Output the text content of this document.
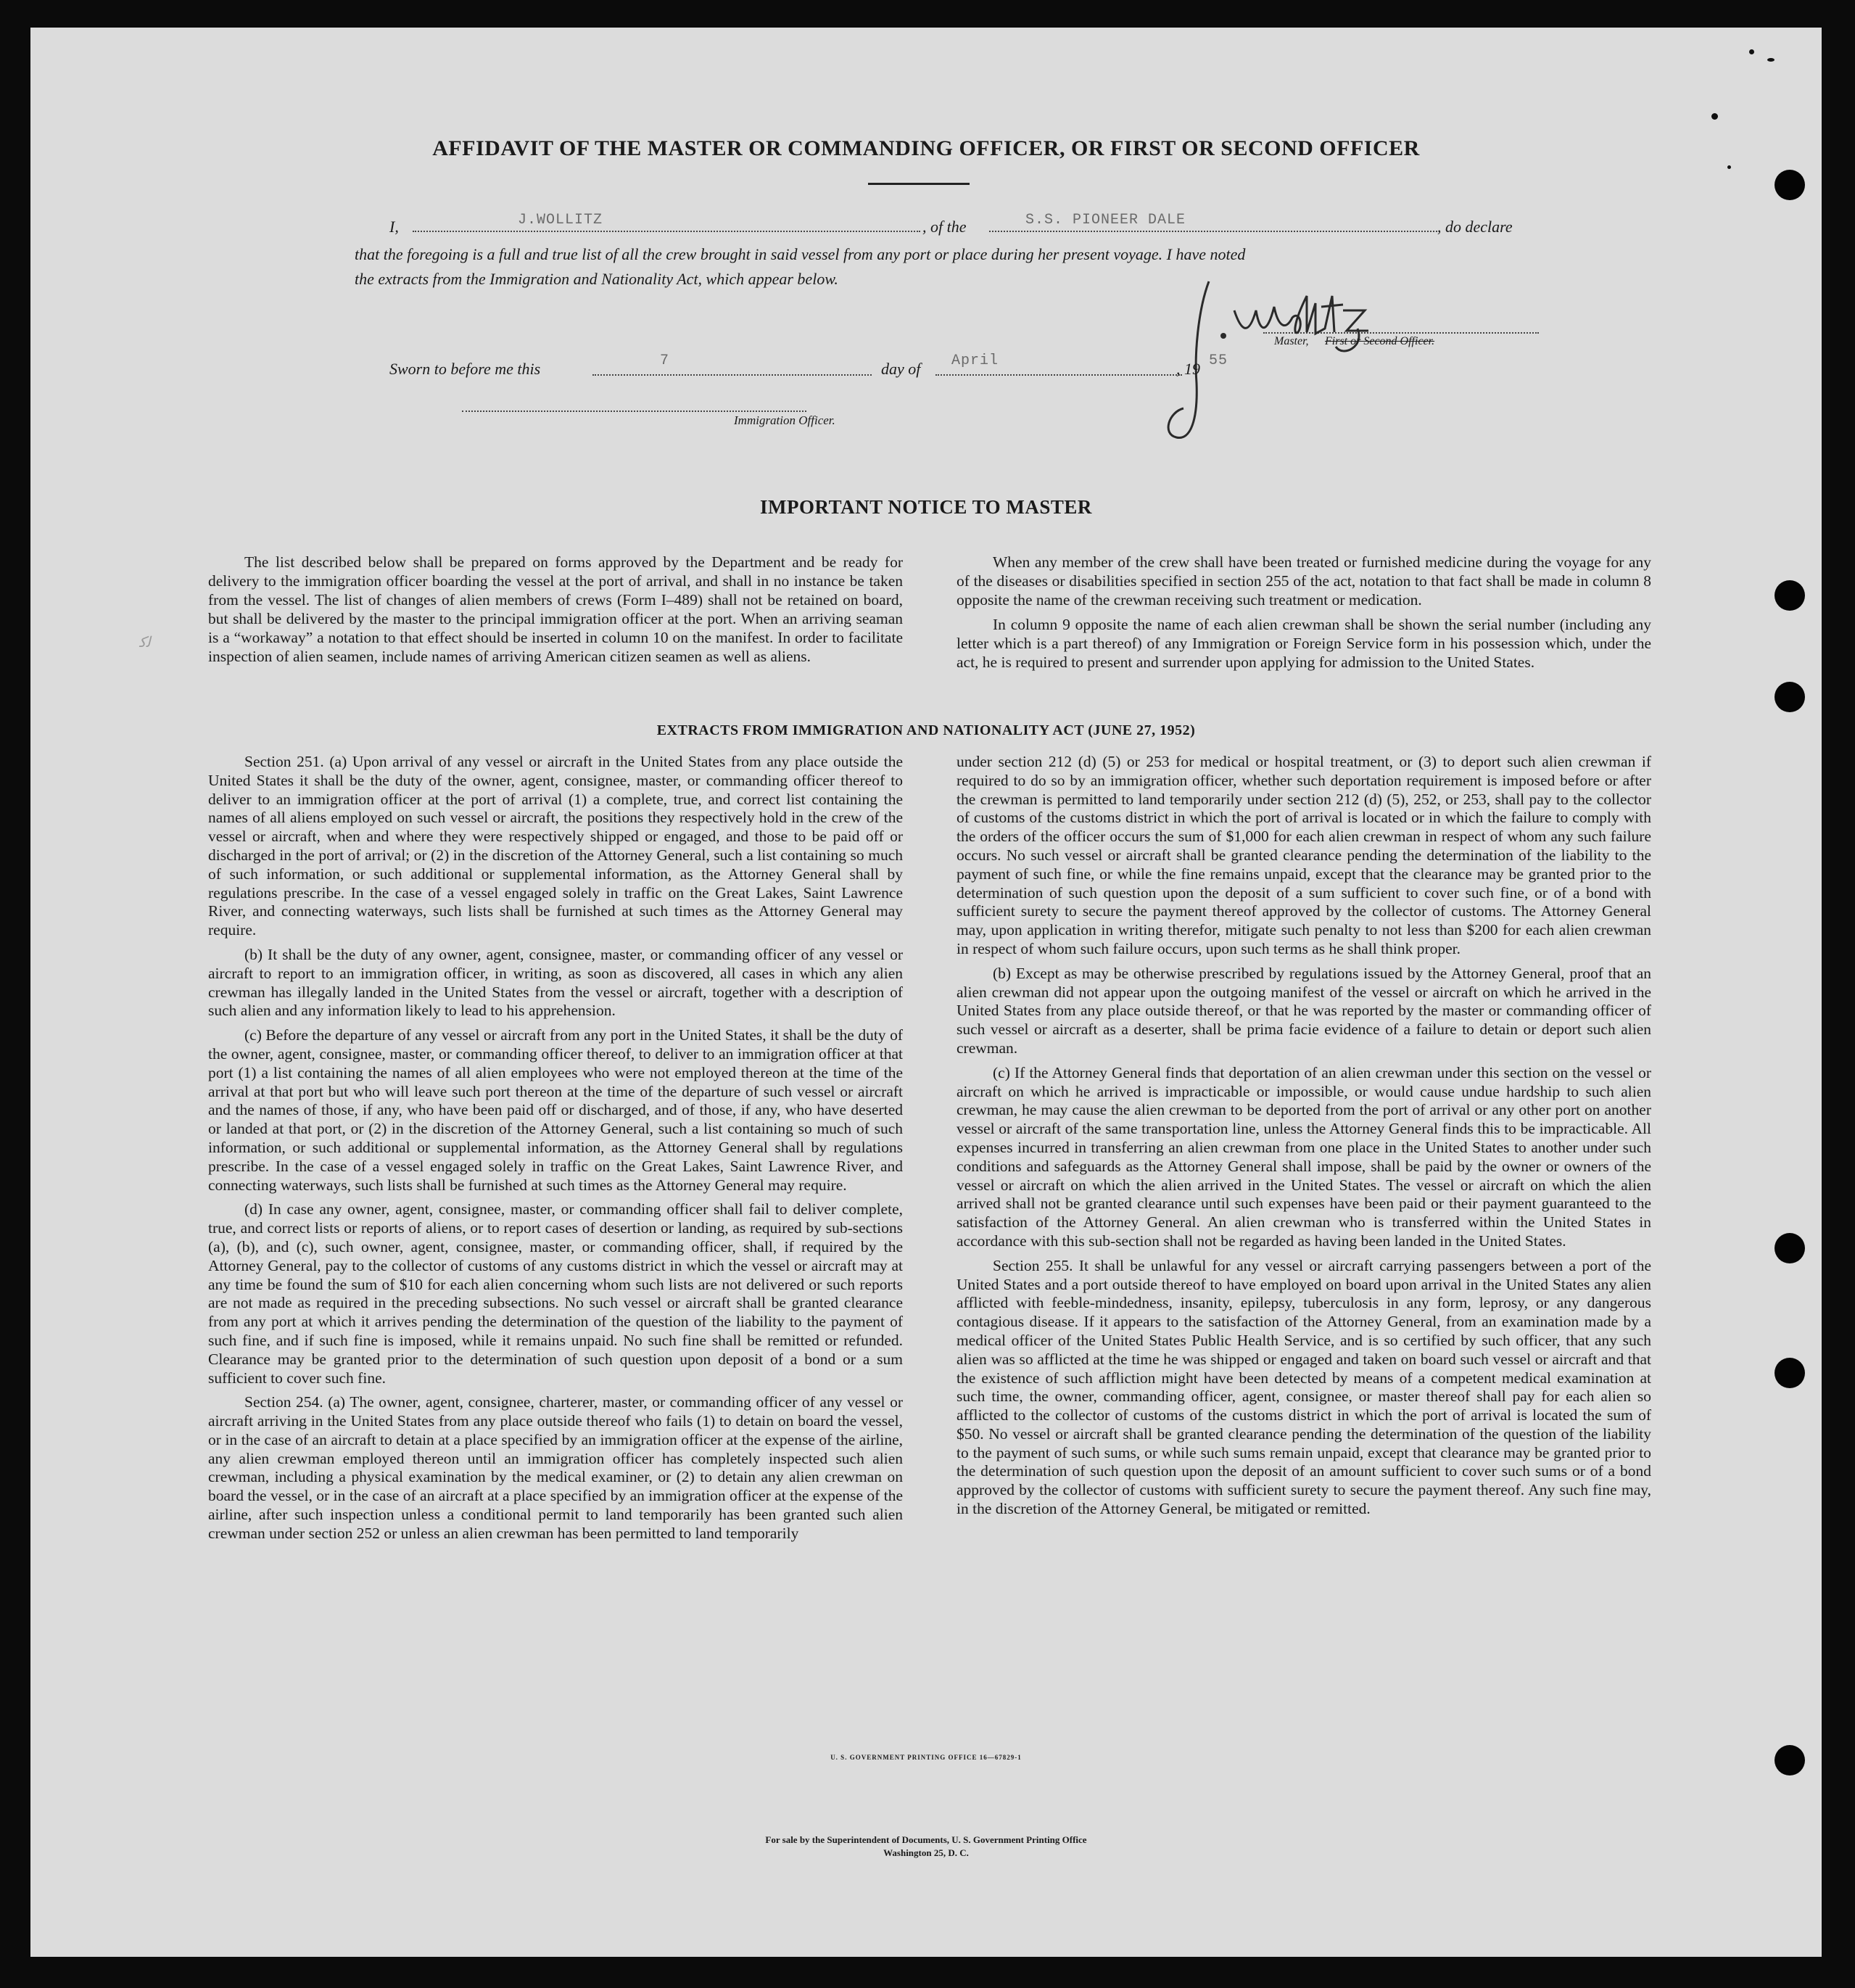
AFFIDAVIT OF THE MASTER OR COMMANDING OFFICER, OR FIRST OR SECOND OFFICER
I,	J.WOLLITZ	, of the	S.S. PIONEER DALE	, do declare
that the foregoing is a full and true list of all the crew brought in said vessel from any port or place during her present voyage. I have noted
the extracts from the Immigration and Nationality Act, which appear below.
Master, First or Second Officer.
Sworn to before me this	7	day of April	, 19 55
Immigration Officer.
IMPORTANT NOTICE TO MASTER

The list described below shall be prepared on forms approved by the Department and be ready for delivery to the immigration officer boarding the vessel at the port of arrival, and shall in no instance be taken from the vessel. The list of changes of alien members of crews (Form I–489) shall not be retained on board, but shall be delivered by the master to the principal immigration officer at the port. When an arriving seaman is a “workaway” a notation to that effect should be inserted in column 10 on the manifest. In order to facilitate inspection of alien seamen, include names of arriving American citizen seamen as well as aliens.

When any member of the crew shall have been treated or furnished medicine during the voyage for any of the diseases or disabilities specified in section 255 of the act, notation to that fact shall be made in column 8 opposite the name of the crewman receiving such treatment or medication.

In column 9 opposite the name of each alien crewman shall be shown the serial number (including any letter which is a part thereof) of any Immigration or Foreign Service form in his possession which, under the act, he is required to present and surrender upon applying for admission to the United States.

ﻟﻛ
EXTRACTS FROM IMMIGRATION AND NATIONALITY ACT (JUNE 27, 1952)

Section 251. (a) Upon arrival of any vessel or aircraft in the United States from any place outside the United States it shall be the duty of the owner, agent, consignee, master, or commanding officer thereof to deliver to an immigration officer at the port of arrival (1) a complete, true, and correct list containing the names of all aliens employed on such vessel or aircraft, the positions they respectively hold in the crew of the vessel or aircraft, when and where they were respectively shipped or engaged, and those to be paid off or discharged in the port of arrival; or (2) in the discretion of the Attorney General, such a list containing so much of such information, or such additional or supplemental information, as the Attorney General shall by regulations prescribe. In the case of a vessel engaged solely in traffic on the Great Lakes, Saint Lawrence River, and connecting waterways, such lists shall be furnished at such times as the Attorney General may require.

(b) It shall be the duty of any owner, agent, consignee, master, or commanding officer of any vessel or aircraft to report to an immigration officer, in writing, as soon as discovered, all cases in which any alien crewman has illegally landed in the United States from the vessel or aircraft, together with a description of such alien and any information likely to lead to his apprehension.

(c) Before the departure of any vessel or aircraft from any port in the United States, it shall be the duty of the owner, agent, consignee, master, or commanding officer thereof, to deliver to an immigration officer at that port (1) a list containing the names of all alien employees who were not employed thereon at the time of the arrival at that port but who will leave such port thereon at the time of the departure of such vessel or aircraft and the names of those, if any, who have been paid off or discharged, and of those, if any, who have deserted or landed at that port, or (2) in the discretion of the Attorney General, such a list containing so much of such information, or such additional or supplemental information, as the Attorney General shall by regulations prescribe. In the case of a vessel engaged solely in traffic on the Great Lakes, Saint Lawrence River, and connecting waterways, such lists shall be furnished at such times as the Attorney General may require.

(d) In case any owner, agent, consignee, master, or commanding officer shall fail to deliver complete, true, and correct lists or reports of aliens, or to report cases of desertion or landing, as required by sub-sections (a), (b), and (c), such owner, agent, consignee, master, or commanding officer, shall, if required by the Attorney General, pay to the collector of customs of any customs district in which the vessel or aircraft may at any time be found the sum of $10 for each alien concerning whom such lists are not delivered or such reports are not made as required in the preceding subsections. No such vessel or aircraft shall be granted clearance from any port at which it arrives pending the determination of the question of the liability to the payment of such fine, and if such fine is imposed, while it remains unpaid. No such fine shall be remitted or refunded. Clearance may be granted prior to the determination of such question upon deposit of a bond or a sum sufficient to cover such fine.

Section 254. (a) The owner, agent, consignee, charterer, master, or commanding officer of any vessel or aircraft arriving in the United States from any place outside thereof who fails (1) to detain on board the vessel, or in the case of an aircraft to detain at a place specified by an immigration officer at the expense of the airline, any alien crewman employed thereon until an immigration officer has completely inspected such alien crewman, including a physical examination by the medical examiner, or (2) to detain any alien crewman on board the vessel, or in the case of an aircraft at a place specified by an immigration officer at the expense of the airline, after such inspection unless a conditional permit to land temporarily has been granted such alien crewman under section 252 or unless an alien crewman has been permitted to land temporarily

under section 212 (d) (5) or 253 for medical or hospital treatment, or (3) to deport such alien crewman if required to do so by an immigration officer, whether such deportation requirement is imposed before or after the crewman is permitted to land temporarily under section 212 (d) (5), 252, or 253, shall pay to the collector of customs of the customs district in which the port of arrival is located or in which the failure to comply with the orders of the officer occurs the sum of $1,000 for each alien crewman in respect of whom any such failure occurs. No such vessel or aircraft shall be granted clearance pending the determination of the liability to the payment of such fine, or while the fine remains unpaid, except that the clearance may be granted prior to the determination of such question upon the deposit of a sum sufficient to cover such fine, or of a bond with sufficient surety to secure the payment thereof approved by the collector of customs. The Attorney General may, upon application in writing therefor, mitigate such penalty to not less than $200 for each alien crewman in respect of whom such failure occurs, upon such terms as he shall think proper.

(b) Except as may be otherwise prescribed by regulations issued by the Attorney General, proof that an alien crewman did not appear upon the outgoing manifest of the vessel or aircraft on which he arrived in the United States from any place outside thereof, or that he was reported by the master or commanding officer of such vessel or aircraft as a deserter, shall be prima facie evidence of a failure to detain or deport such alien crewman.

(c) If the Attorney General finds that deportation of an alien crewman under this section on the vessel or aircraft on which he arrived is impracticable or impossible, or would cause undue hardship to such alien crewman, he may cause the alien crewman to be deported from the port of arrival or any other port on another vessel or aircraft of the same transportation line, unless the Attorney General finds this to be impracticable. All expenses incurred in transferring an alien crewman from one place in the United States to another under such conditions and safeguards as the Attorney General shall impose, shall be paid by the owner or owners of the vessel or aircraft on which the alien arrived in the United States. The vessel or aircraft on which the alien arrived shall not be granted clearance until such expenses have been paid or their payment guaranteed to the satisfaction of the Attorney General. An alien crewman who is transferred within the United States in accordance with this sub-section shall not be regarded as having been landed in the United States.

Section 255. It shall be unlawful for any vessel or aircraft carrying passengers between a port of the United States and a port outside thereof to have employed on board upon arrival in the United States any alien afflicted with feeble-mindedness, insanity, epilepsy, tuberculosis in any form, leprosy, or any dangerous contagious disease. If it appears to the satisfaction of the Attorney General, from an examination made by a medical officer of the United States Public Health Service, and is so certified by such officer, that any such alien was so afflicted at the time he was shipped or engaged and taken on board such vessel or aircraft and that the existence of such affliction might have been detected by means of a competent medical examination at such time, the owner, commanding officer, agent, consignee, or master thereof shall pay for each alien so afflicted to the collector of customs of the customs district in which the port of arrival is located the sum of $50. No vessel or aircraft shall be granted clearance pending the determination of the question of the liability to the payment of such sums, or while such sums remain unpaid, except that clearance may be granted prior to the determination of such question upon the deposit of an amount sufficient to cover such sums or of a bond approved by the collector of customs with sufficient surety to secure the payment thereof. Any such fine may, in the discretion of the Attorney General, be mitigated or remitted.

U. S. GOVERNMENT PRINTING OFFICE 16—67829-1
For sale by the Superintendent of Documents, U. S. Government Printing Office
Washington 25, D. C.
